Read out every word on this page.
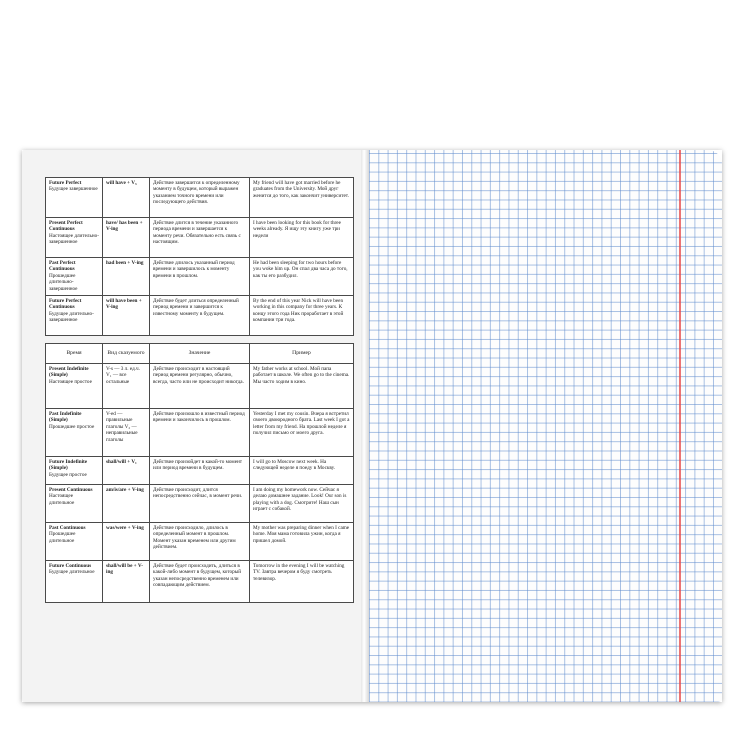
Future Perfect
Будущее завершенное	will have + V₃	Действие завершится к определенному моменту в будущем, который выражен указанием точного времени или последующего действия.	My friend will have got married before he graduates from the University. Мой друг женится до того, как закончит университет.

Present Perfect Continuous
Настоящее длительно-завершенное	have/ has been + V-ing	Действие длится в течение указанного периода времени и завершается к моменту речи. Обязательно есть связь с настоящим.	I have been looking for this book for three weeks already. Я ищу эту книгу уже три недели

Past Perfect Continuous
Прошедшее длительно-завершенное	had been + V-ing	Действие длилось указанный период времени и завершилось к моменту времени в прошлом.	He had been sleeping for two hours before you woke him up. Он спал два часа до того, как ты его разбудил.

Future Perfect Continuous
Будущее длительно-завершенное	will have been + V-ing	Действие будет длиться определенный период времени и завершится к известному моменту в будущем.	By the end of this year Nick will have been working in this company for three years. К концу этого года Ник проработает в этой компании три года.
Время	Вид сказуемого	Значение	Пример

Present Indefinite (Simple)
Настоящее простое	V-s — 3 л. ед.ч. V₁ — все остальные	Действие происходит в настоящий период времени регулярно, обычно, всегда, часто или не происходит никогда.	My father works at school. Мой папа работает в школе. We often go to the cinema. Мы часто ходим в кино.

Past Indefinite (Simple)
Прошедшее простое	V-ed — правильные глаголы V₂ — неправильные глаголы	Действие произошло в известный период времени и закончилось в прошлом.	Yesterday I met my cousin. Вчера я встретил своего двоюродного брата. Last week I got a letter from my friend. На прошлой неделе я получил письмо от моего друга.

Future Indefinite (Simple)
Будущее простое	shall/will + V₁	Действие произойдет в какой-то момент или период времени в будущем.	I will go to Moscow next week. На следующей неделе я поеду в Москву.

Present Continuous
Настоящее длительное	am/is/are + V-ing	Действие происходит, длится непосредственно сейчас, в момент речи.	I am doing my homework now. Сейчас я делаю домашнее задание. Look! Our son is playing with a dog. Смотрите! Наш сын играет с собакой.

Past Continuous
Прошедшее длительное	was/were + V-ing	Действие происходило, длилось в определенный момент в прошлом. Момент указан временем или другим действием.	My mother was preparing dinner when I came home. Моя мама готовила ужин, когда я пришел домой.

Future Continuous
Будущее длительное	shall/will be + V-ing	Действие будет происходить, длиться в какой-либо момент в будущем, который указан непосредственно временем или совпадающим действием.	Tomorrow in the evening I will be watching TV. Завтра вечером я буду смотреть телевизор.
